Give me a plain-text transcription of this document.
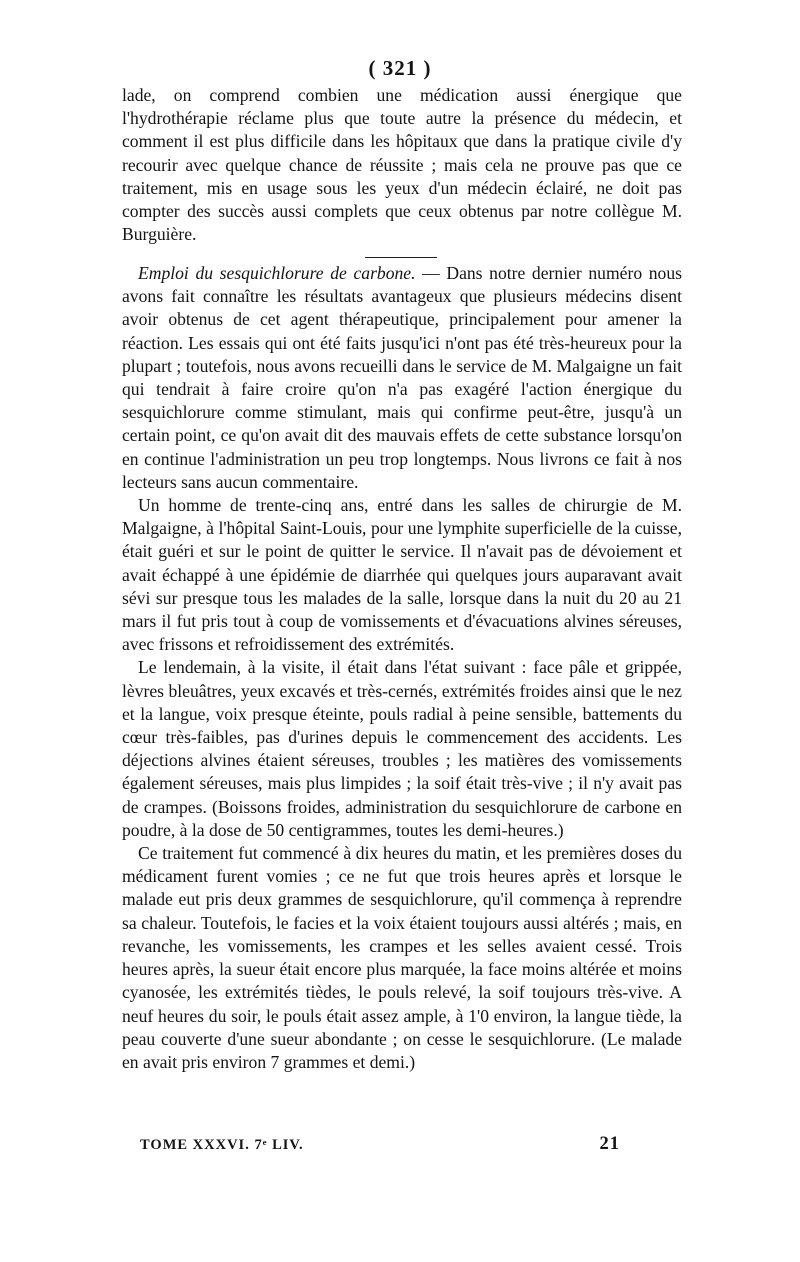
( 321 )

lade, on comprend combien une médication aussi énergique que l'hydrothérapie réclame plus que toute autre la présence du médecin, et comment il est plus difficile dans les hôpitaux que dans la pratique civile d'y recourir avec quelque chance de réussite ; mais cela ne prouve pas que ce traitement, mis en usage sous les yeux d'un médecin éclairé, ne doit pas compter des succès aussi complets que ceux obtenus par notre collègue M. Burguière.

Emploi du sesquichlorure de carbone. — Dans notre dernier numéro nous avons fait connaître les résultats avantageux que plusieurs médecins disent avoir obtenus de cet agent thérapeutique, principalement pour amener la réaction. Les essais qui ont été faits jusqu'ici n'ont pas été très-heureux pour la plupart ; toutefois, nous avons recueilli dans le service de M. Malgaigne un fait qui tendrait à faire croire qu'on n'a pas exagéré l'action énergique du sesquichlorure comme stimulant, mais qui confirme peut-être, jusqu'à un certain point, ce qu'on avait dit des mauvais effets de cette substance lorsqu'on en continue l'administration un peu trop longtemps. Nous livrons ce fait à nos lecteurs sans aucun commentaire.

Un homme de trente-cinq ans, entré dans les salles de chirurgie de M. Malgaigne, à l'hôpital Saint-Louis, pour une lymphite superficielle de la cuisse, était guéri et sur le point de quitter le service. Il n'avait pas de dévoiement et avait échappé à une épidémie de diarrhée qui quelques jours auparavant avait sévi sur presque tous les malades de la salle, lorsque dans la nuit du 20 au 21 mars il fut pris tout à coup de vomissements et d'évacuations alvines séreuses, avec frissons et refroidissement des extrémités.

Le lendemain, à la visite, il était dans l'état suivant : face pâle et grippée, lèvres bleuâtres, yeux excavés et très-cernés, extrémités froides ainsi que le nez et la langue, voix presque éteinte, pouls radial à peine sensible, battements du cœur très-faibles, pas d'urines depuis le commencement des accidents. Les déjections alvines étaient séreuses, troubles ; les matières des vomissements également séreuses, mais plus limpides ; la soif était très-vive ; il n'y avait pas de crampes. (Boissons froides, administration du sesquichlorure de carbone en poudre, à la dose de 50 centigrammes, toutes les demi-heures.)

Ce traitement fut commencé à dix heures du matin, et les premières doses du médicament furent vomies ; ce ne fut que trois heures après et lorsque le malade eut pris deux grammes de sesquichlorure, qu'il commença à reprendre sa chaleur. Toutefois, le facies et la voix étaient toujours aussi altérés ; mais, en revanche, les vomissements, les crampes et les selles avaient cessé. Trois heures après, la sueur était encore plus marquée, la face moins altérée et moins cyanosée, les extrémités tièdes, le pouls relevé, la soif toujours très-vive. A neuf heures du soir, le pouls était assez ample, à 1'0 environ, la langue tiède, la peau couverte d'une sueur abondante ; on cesse le sesquichlorure. (Le malade en avait pris environ 7 grammes et demi.)

TOME XXXVI. 7ᵉ LIV.	21
